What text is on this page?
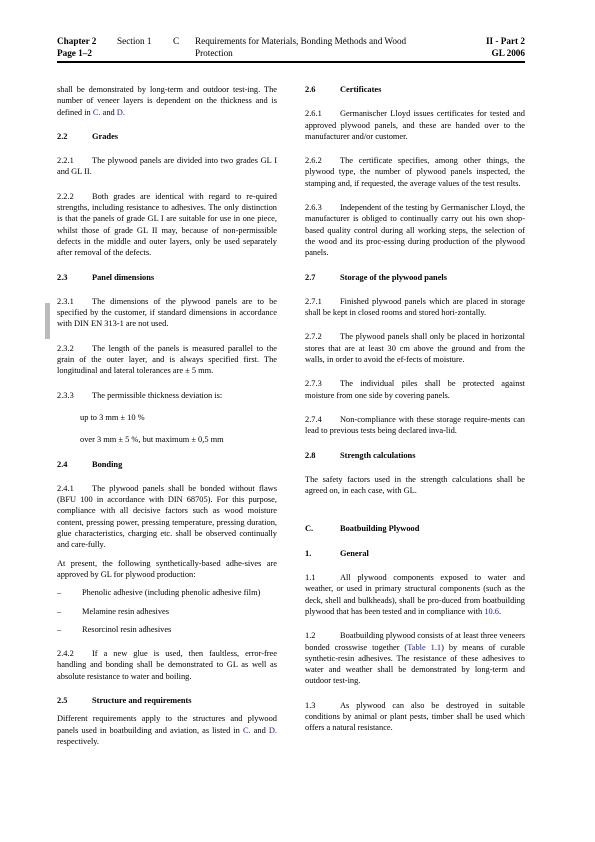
Chapter 2
Page 1–2
Section 1 C Requirements for Materials, Bonding Methods and Wood
Protection
II - Part 2
GL 2006

shall be demonstrated by long-term and outdoor test-ing. The number of veneer layers is dependent on the thickness and is defined in C. and D.

2.2	Grades

2.2.1 The plywood panels are divided into two grades GL I and GL II.

2.2.2 Both grades are identical with regard to re-quired strengths, including resistance to adhesives. The only distinction is that the panels of grade GL I are suitable for use in one piece, whilst those of grade GL II may, because of non-permissible defects in the middle and outer layers, only be used separately after removal of the defects.

2.3	Panel dimensions

2.3.1 The dimensions of the plywood panels are to be specified by the customer, if standard dimensions in accordance with DIN EN 313-1 are not used.

2.3.2 The length of the panels is measured parallel to the grain of the outer layer, and is always specified first. The longitudinal and lateral tolerances are ± 5 mm.

2.3.3 The permissible thickness deviation is:

up to 3 mm ± 10 %

over 3 mm ± 5 %, but maximum ± 0,5 mm

2.4	Bonding

2.4.1 The plywood panels shall be bonded without flaws (BFU 100 in accordance with DIN 68705). For this purpose, compliance with all decisive factors such as wood moisture content, pressing power, pressing temperature, pressing duration, glue characteristics, charging etc. shall be observed continually and care-fully.

At present, the following synthetically-based adhe-sives are approved by GL for plywood production:

–	Phenolic adhesive (including phenolic adhesive film)
–	Melamine resin adhesives
–	Resorcinol resin adhesives

2.4.2 If a new glue is used, then faultless, error-free handling and bonding shall be demonstrated to GL as well as absolute resistance to water and boiling.

2.5	Structure and requirements

Different requirements apply to the structures and plywood panels used in boatbuilding and aviation, as listed in C. and D. respectively.

2.6	Certificates

2.6.1 Germanischer Lloyd issues certificates for tested and approved plywood panels, and these are handed over to the manufacturer and/or customer.

2.6.2 The certificate specifies, among other things, the plywood type, the number of plywood panels inspected, the stamping and, if requested, the average values of the test results.

2.6.3 Independent of the testing by Germanischer Lloyd, the manufacturer is obliged to continually carry out his own shop-based quality control during all working steps, the selection of the wood and its proc-essing during production of the plywood panels.

2.7	Storage of the plywood panels

2.7.1 Finished plywood panels which are placed in storage shall be kept in closed rooms and stored hori-zontally.

2.7.2 The plywood panels shall only be placed in horizontal stores that are at least 30 cm above the ground and from the walls, in order to avoid the ef-fects of moisture.

2.7.3 The individual piles shall be protected against moisture from one side by covering panels.

2.7.4 Non-compliance with these storage require-ments can lead to previous tests being declared inva-lid.

2.8	Strength calculations

The safety factors used in the strength calculations shall be agreed on, in each case, with GL.

C.	Boatbuilding Plywood

1.	General

1.1	All plywood components exposed to water and weather, or used in primary structural components (such as the deck, shell and bulkheads), shall be pro-duced from boatbuilding plywood that has been tested and in compliance with 10.6.

1.2	Boatbuilding plywood consists of at least three veneers bonded crosswise together (Table 1.1) by means of curable synthetic-resin adhesives. The resistance of these adhesives to water and weather shall be demonstrated by long-term and outdoor test-ing.

1.3	As plywood can also be destroyed in suitable conditions by animal or plant pests, timber shall be used which offers a natural resistance.
